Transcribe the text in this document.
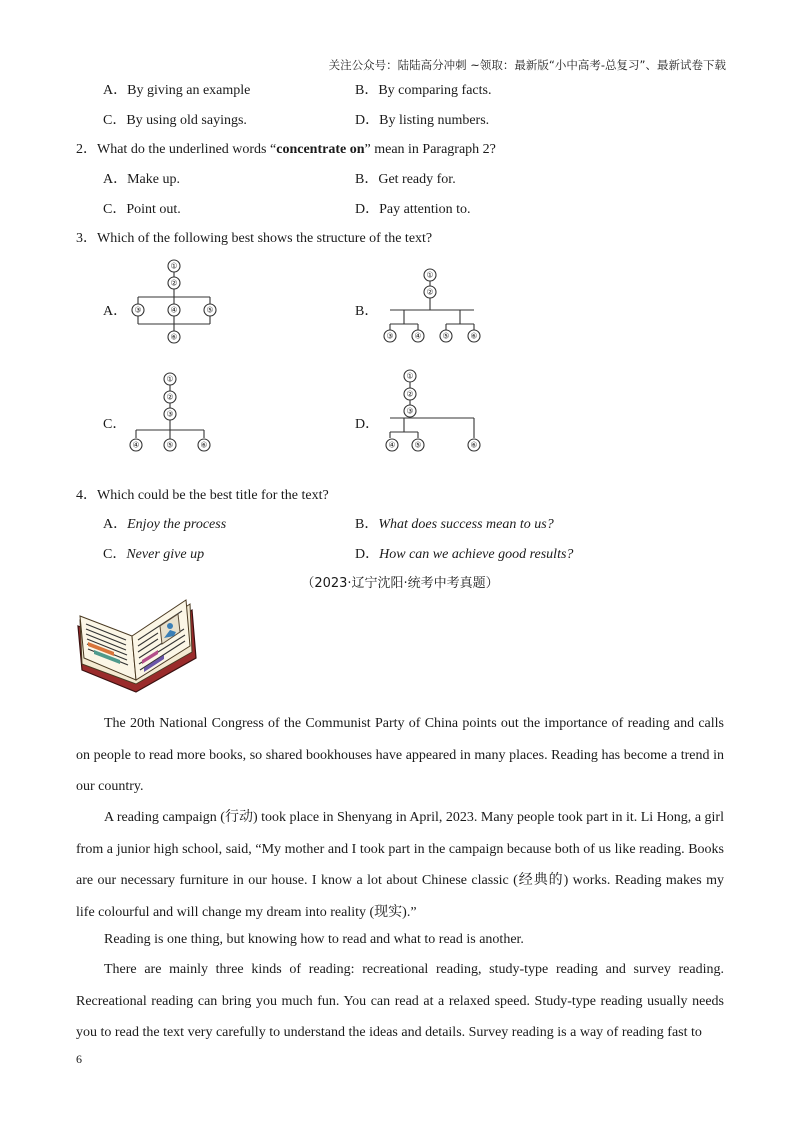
关注公众号：陆陆高分冲刺 ~领取：最新版“小中高考-总复习”、最新试卷下载
A．By giving an example	B．By comparing facts.
C．By using old sayings.	D．By listing numbers.
2．What do the underlined words “concentrate on” mean in Paragraph 2?
A．Make up.	B．Get ready for.
C．Point out.	D．Pay attention to.
3．Which of the following best shows the structure of the text?
A．
①
②
③	④	⑤
⑥
B．
①
②
③	④	⑤	⑥
C．
①
②
③
④	⑤	⑥
D．
①
②
③
④ ⑤	⑥
4．Which could be the best title for the text?
A．Enjoy the process	B．What does success mean to us?
C．Never give up	D．How can we achieve good results?
（2023·辽宁沈阳·统考中考真题）

The 20th National Congress of the Communist Party of China points out the importance of reading and calls on people to read more books, so shared bookhouses have appeared in many places. Reading has become a trend in our country.

A reading campaign (行动) took place in Shenyang in April, 2023. Many people took part in it. Li Hong, a girl from a junior high school, said, “My mother and I took part in the campaign because both of us like reading. Books are our necessary furniture in our house. I know a lot about Chinese classic (经典的) works. Reading makes my life colourful and will change my dream into reality (现实).”

Reading is one thing, but knowing how to read and what to read is another.

There are mainly three kinds of reading: recreational reading, study-type reading and survey reading. Recreational reading can bring you much fun. You can read at a relaxed speed. Study-type reading usually needs you to read the text very carefully to understand the ideas and details. Survey reading is a way of reading fast to

6
